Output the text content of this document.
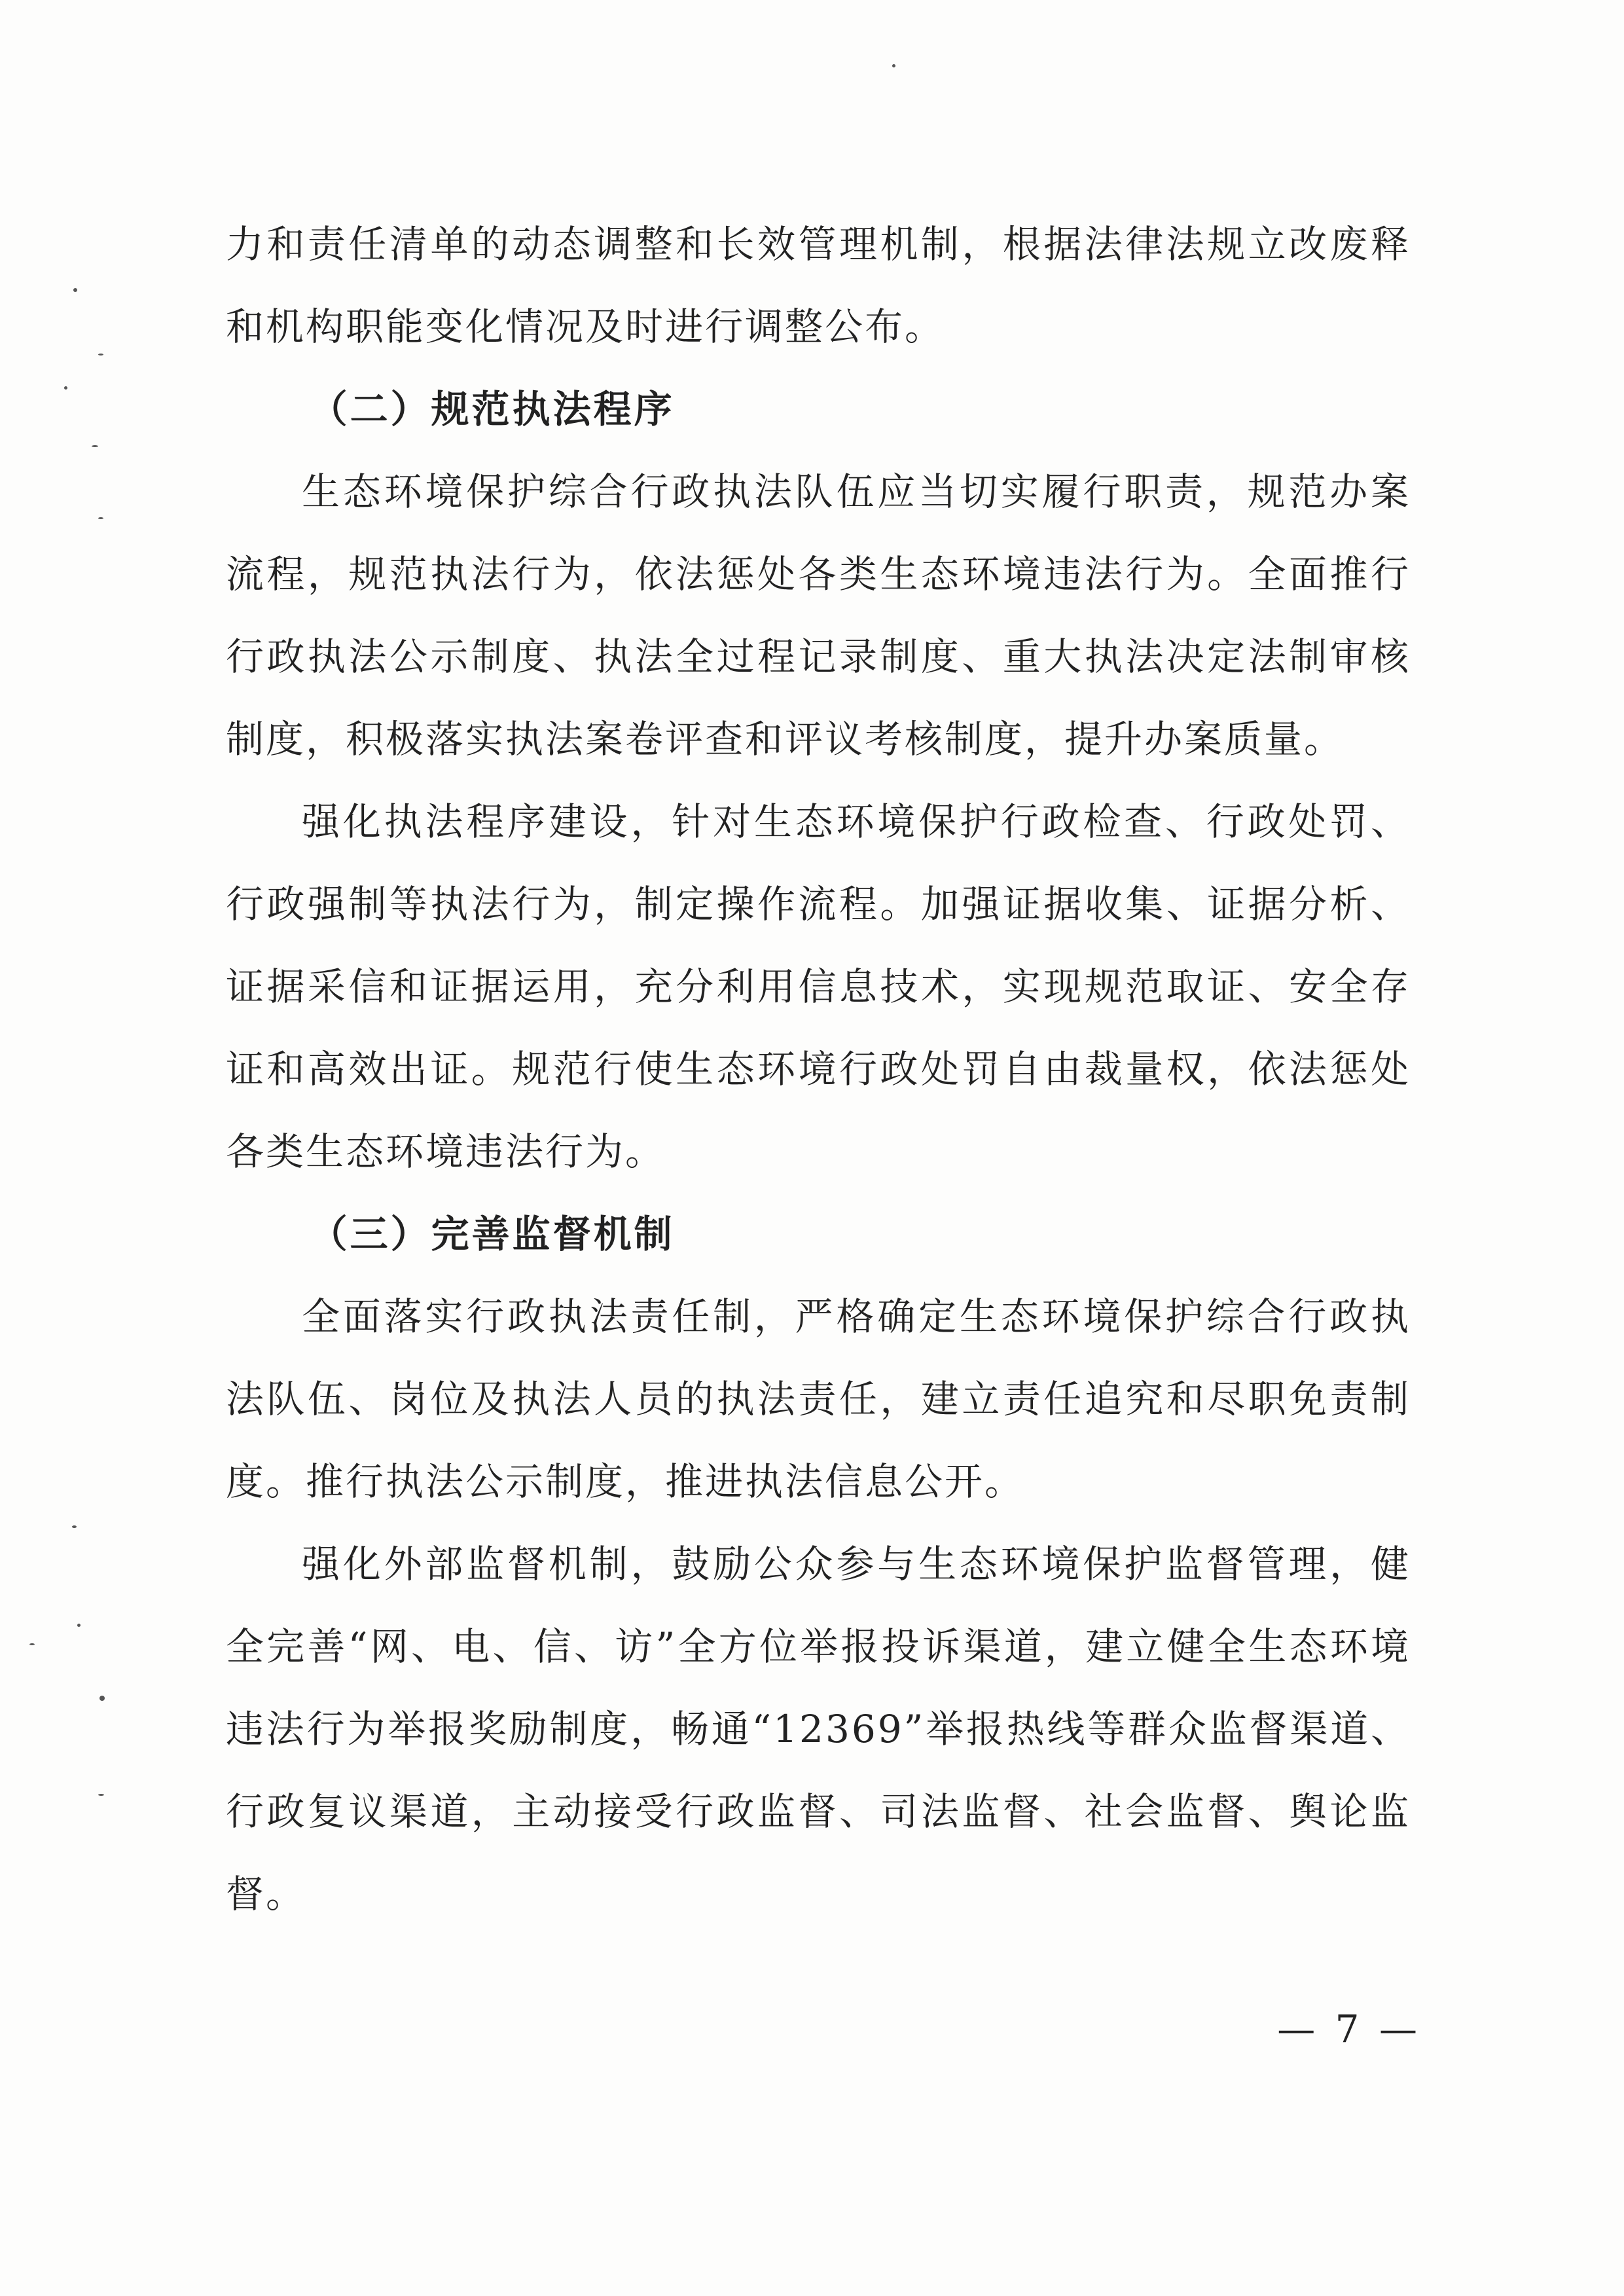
力和责任清单的动态调整和长效管理机制，根据法律法规立改废释和机构职能变化情况及时进行调整公布。

（二）规范执法程序

生态环境保护综合行政执法队伍应当切实履行职责，规范办案流程，规范执法行为，依法惩处各类生态环境违法行为。全面推行行政执法公示制度、执法全过程记录制度、重大执法决定法制审核制度，积极落实执法案卷评查和评议考核制度，提升办案质量。

强化执法程序建设，针对生态环境保护行政检查、行政处罚、行政强制等执法行为，制定操作流程。加强证据收集、证据分析、证据采信和证据运用，充分利用信息技术，实现规范取证、安全存证和高效出证。规范行使生态环境行政处罚自由裁量权，依法惩处各类生态环境违法行为。

（三）完善监督机制

全面落实行政执法责任制，严格确定生态环境保护综合行政执法队伍、岗位及执法人员的执法责任，建立责任追究和尽职免责制度。推行执法公示制度，推进执法信息公开。

强化外部监督机制，鼓励公众参与生态环境保护监督管理，健全完善“网、电、信、访”全方位举报投诉渠道，建立健全生态环境违法行为举报奖励制度，畅通“12369”举报热线等群众监督渠道、行政复议渠道，主动接受行政监督、司法监督、社会监督、舆论监督。

— 7 —
